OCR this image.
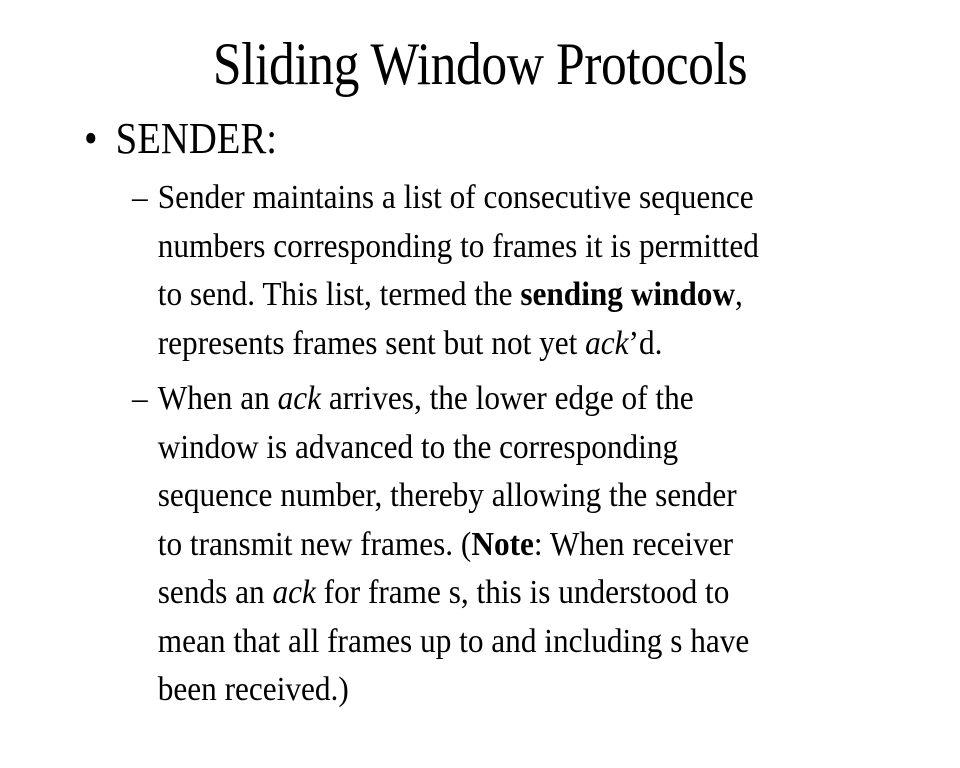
Sliding Window Protocols
• SENDER:
– Sender maintains a list of consecutive sequence
numbers corresponding to frames it is permitted
to send. This list, termed the sending window,
represents frames sent but not yet ack’d.
– When an ack arrives, the lower edge of the
window is advanced to the corresponding
sequence number, thereby allowing the sender
to transmit new frames. (Note: When receiver
sends an ack for frame s, this is understood to
mean that all frames up to and including s have
been received.)
